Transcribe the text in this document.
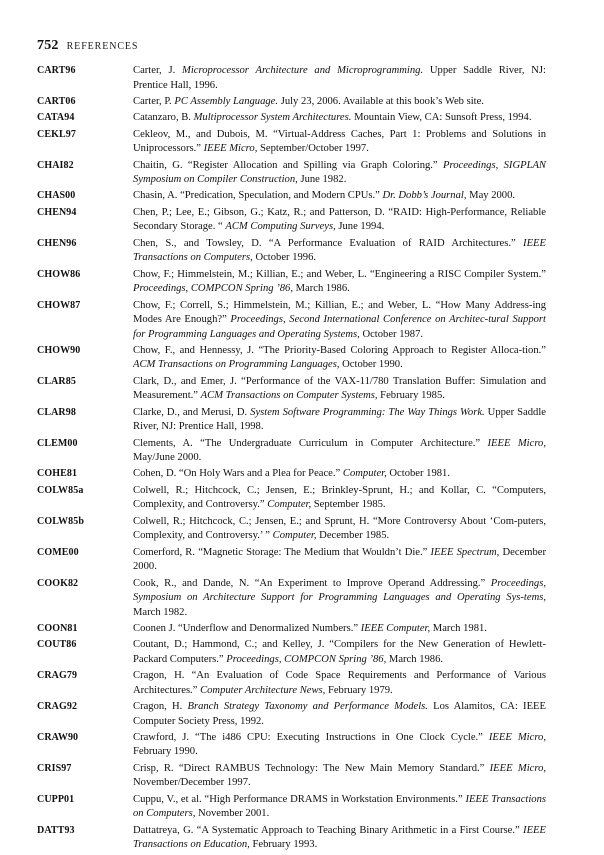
752 REFERENCES
CART96	Carter, J. Microprocessor Architecture and Microprogramming. Upper Saddle River, NJ: Prentice Hall, 1996.
CART06	Carter, P. PC Assembly Language. July 23, 2006. Available at this book’s Web site.
CATA94	Catanzaro, B. Multiprocessor System Architectures. Mountain View, CA: Sunsoft Press, 1994.
CEKL97	Cekleov, M., and Dubois, M. “Virtual-Address Caches, Part 1: Problems and Solutions in Uniprocessors.” IEEE Micro, September/October 1997.
CHAI82	Chaitin, G. “Register Allocation and Spilling via Graph Coloring.” Proceedings, SIGPLAN Symposium on Compiler Construction, June 1982.
CHAS00	Chasin, A. “Predication, Speculation, and Modern CPUs.” Dr. Dobb’s Journal, May 2000.
CHEN94	Chen, P.; Lee, E.; Gibson, G.; Katz, R.; and Patterson, D. “RAID: High-Performance, Reliable Secondary Storage. “ ACM Computing Surveys, June 1994.
CHEN96	Chen, S., and Towsley, D. “A Performance Evaluation of RAID Architectures.” IEEE Transactions on Computers, October 1996.
CHOW86	Chow, F.; Himmelstein, M.; Killian, E.; and Weber, L. “Engineering a RISC Compiler System.” Proceedings, COMPCON Spring ’86, March 1986.
CHOW87	Chow, F.; Correll, S.; Himmelstein, M.; Killian, E.; and Weber, L. “How Many Address-ing Modes Are Enough?” Proceedings, Second International Conference on Architec-tural Support for Programming Languages and Operating Systems, October 1987.
CHOW90	Chow, F., and Hennessy, J. “The Priority-Based Coloring Approach to Register Alloca-tion.” ACM Transactions on Programming Languages, October 1990.
CLAR85	Clark, D., and Emer, J. “Performance of the VAX-11/780 Translation Buffer: Simulation and Measurement.” ACM Transactions on Computer Systems, February 1985.
CLAR98	Clarke, D., and Merusi, D. System Software Programming: The Way Things Work. Upper Saddle River, NJ: Prentice Hall, 1998.
CLEM00	Clements, A. “The Undergraduate Curriculum in Computer Architecture.” IEEE Micro, May/June 2000.
COHE81	Cohen, D. “On Holy Wars and a Plea for Peace.” Computer, October 1981.
COLW85a	Colwell, R.; Hitchcock, C.; Jensen, E.; Brinkley-Sprunt, H.; and Kollar, C. “Computers, Complexity, and Controversy.” Computer, September 1985.
COLW85b	Colwell, R.; Hitchcock, C.; Jensen, E.; and Sprunt, H. “More Controversy About ‘Com-puters, Complexity, and Controversy.’ ” Computer, December 1985.
COME00	Comerford, R. “Magnetic Storage: The Medium that Wouldn’t Die.” IEEE Spectrum, December 2000.
COOK82	Cook, R., and Dande, N. “An Experiment to Improve Operand Addressing.” Proceedings, Symposium on Architecture Support for Programming Languages and Operating Sys-tems, March 1982.
COON81	Coonen J. “Underflow and Denormalized Numbers.” IEEE Computer, March 1981.
COUT86	Coutant, D.; Hammond, C.; and Kelley, J. “Compilers for the New Generation of Hewlett-Packard Computers.” Proceedings, COMPCON Spring ’86, March 1986.
CRAG79	Cragon, H. “An Evaluation of Code Space Requirements and Performance of Various Architectures.” Computer Architecture News, February 1979.
CRAG92	Cragon, H. Branch Strategy Taxonomy and Performance Models. Los Alamitos, CA: IEEE Computer Society Press, 1992.
CRAW90	Crawford, J. “The i486 CPU: Executing Instructions in One Clock Cycle.” IEEE Micro, February 1990.
CRIS97	Crisp, R. “Direct RAMBUS Technology: The New Main Memory Standard.” IEEE Micro, November/December 1997.
CUPP01	Cuppu, V., et al. “High Performance DRAMS in Workstation Environments.” IEEE Transactions on Computers, November 2001.
DATT93	Dattatreya, G. “A Systematic Approach to Teaching Binary Arithmetic in a First Course.” IEEE Transactions on Education, February 1993.
